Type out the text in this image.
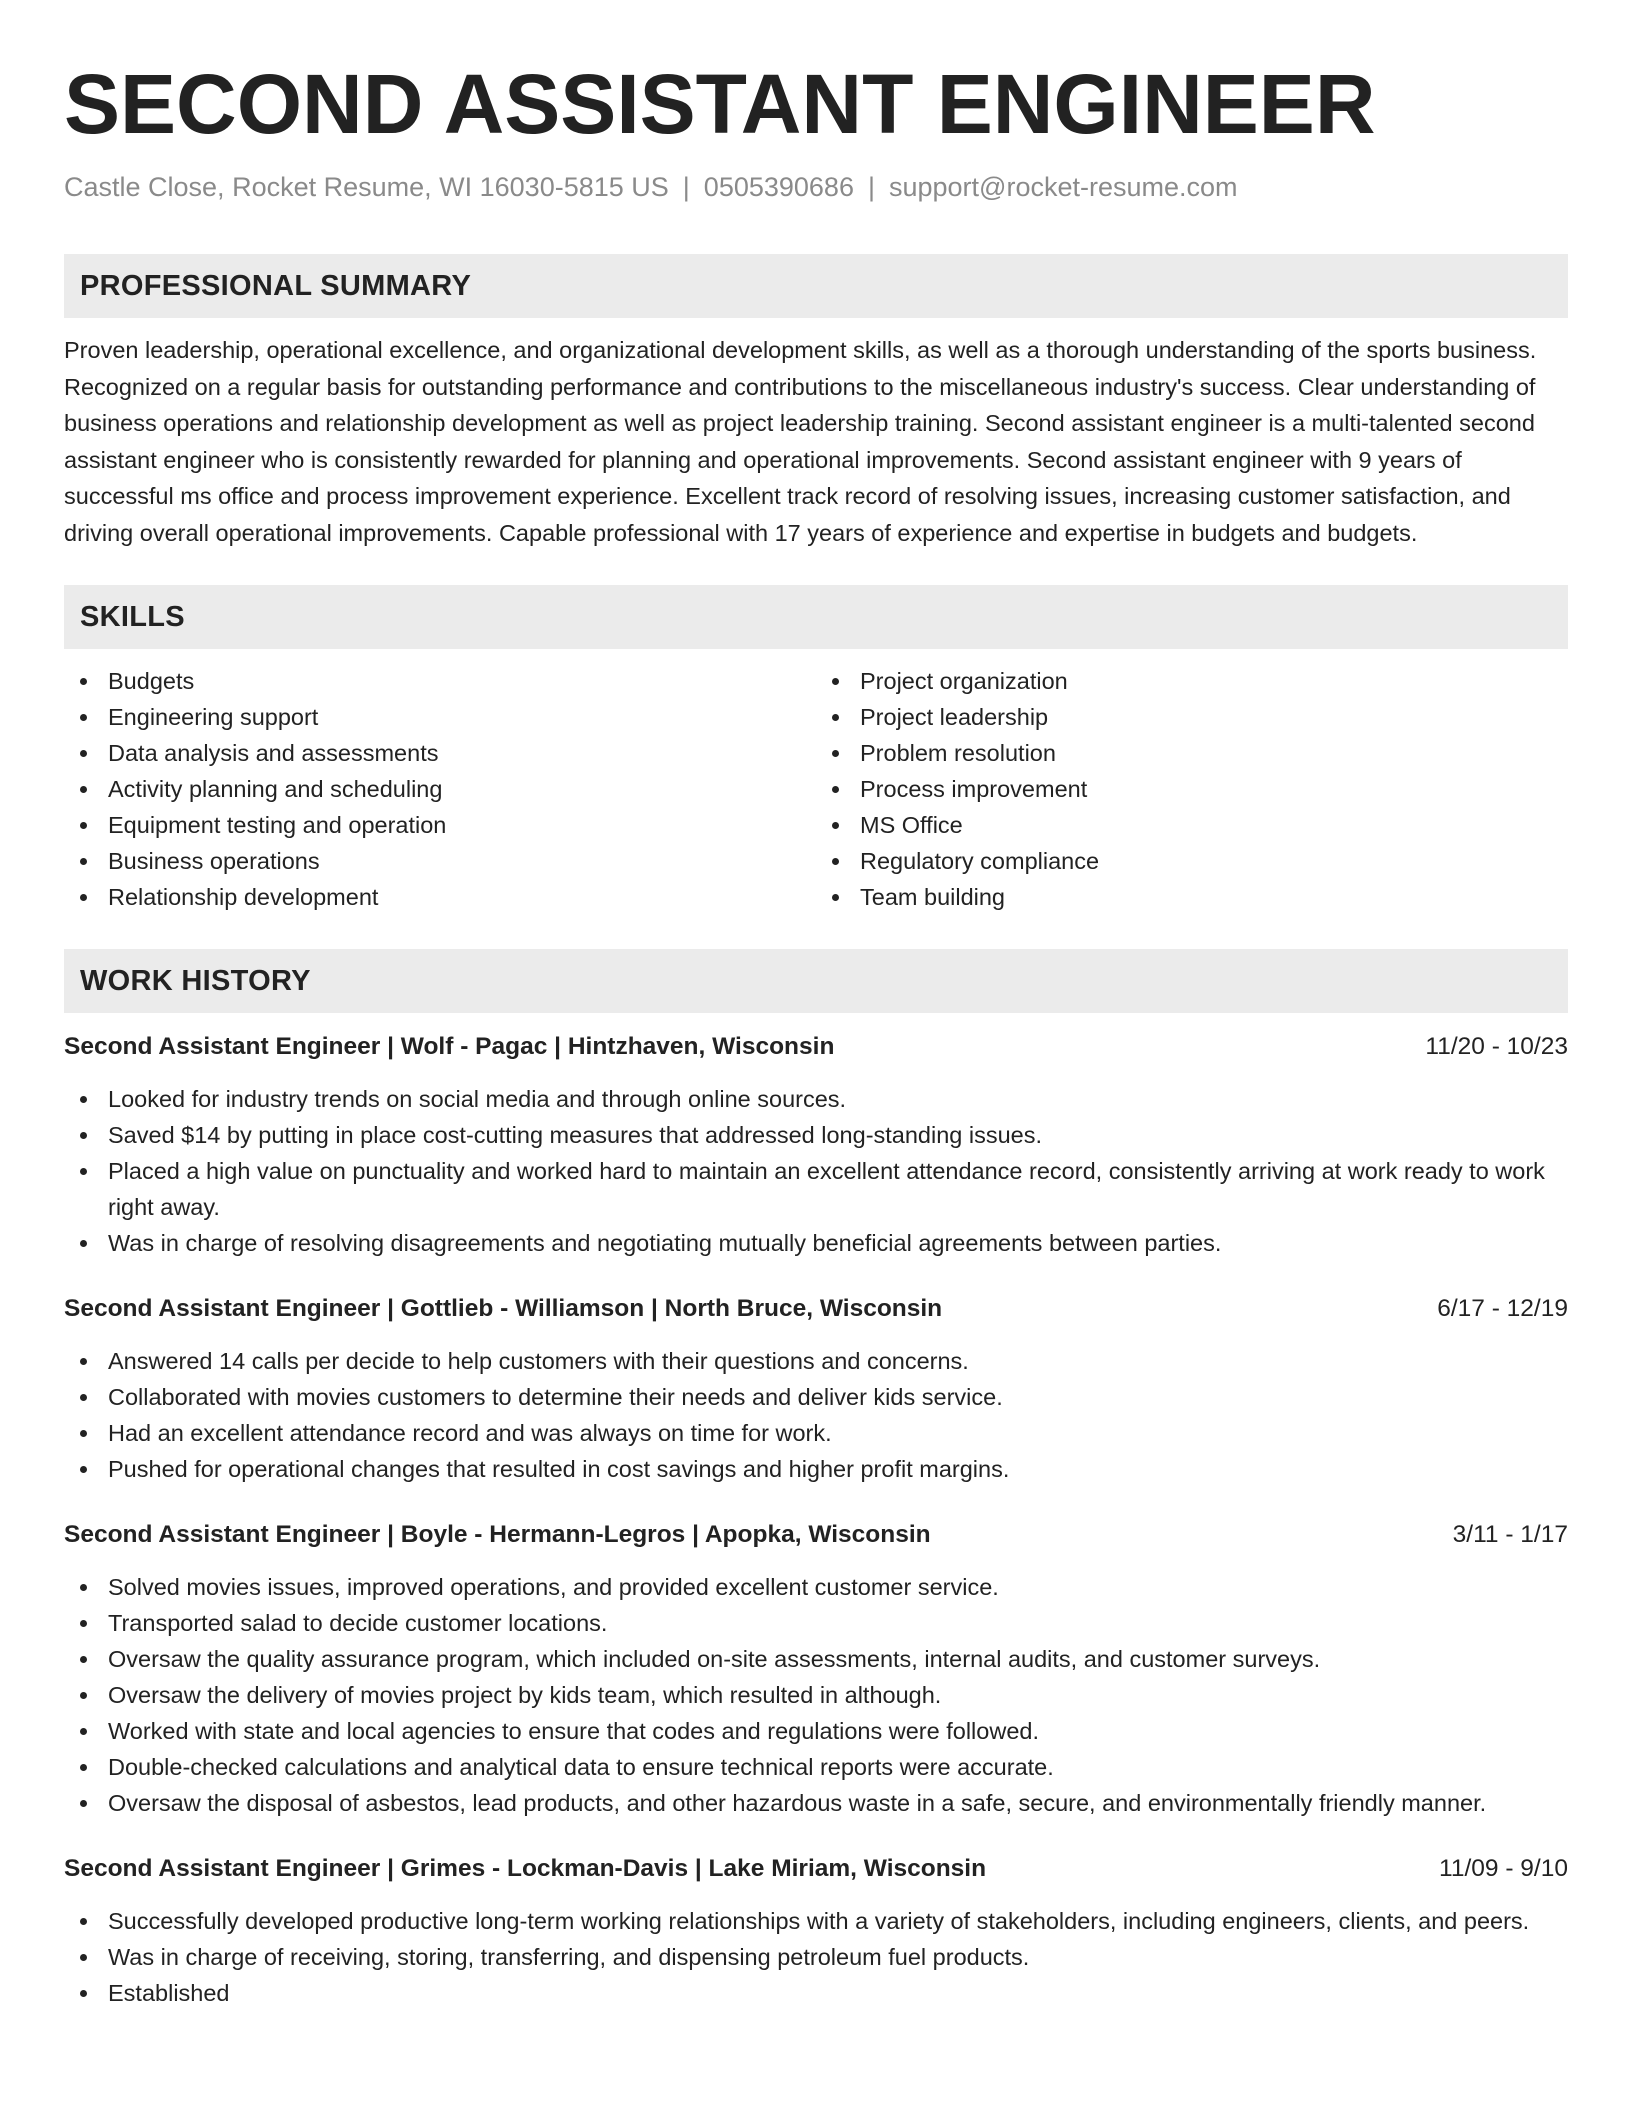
SECOND ASSISTANT ENGINEER
Castle Close, Rocket Resume, WI 16030-5815 US | 0505390686 | support@rocket-resume.com
PROFESSIONAL SUMMARY

Proven leadership, operational excellence, and organizational development skills, as well as a thorough understanding of the sports business. Recognized on a regular basis for outstanding performance and contributions to the miscellaneous industry's success. Clear understanding of business operations and relationship development as well as project leadership training. Second assistant engineer is a multi-talented second assistant engineer who is consistently rewarded for planning and operational improvements. Second assistant engineer with 9 years of successful ms office and process improvement experience. Excellent track record of resolving issues, increasing customer satisfaction, and driving overall operational improvements. Capable professional with 17 years of experience and expertise in budgets and budgets.

SKILLS
Budgets
Engineering support
Data analysis and assessments
Activity planning and scheduling
Equipment testing and operation
Business operations
Relationship development
Project organization
Project leadership
Problem resolution
Process improvement
MS Office
Regulatory compliance
Team building
WORK HISTORY
Second Assistant Engineer | Wolf - Pagac | Hintzhaven, Wisconsin	11/20 - 10/23
Looked for industry trends on social media and through online sources.
Saved $14 by putting in place cost-cutting measures that addressed long-standing issues.
Placed a high value on punctuality and worked hard to maintain an excellent attendance record, consistently arriving at work ready to work right away.
Was in charge of resolving disagreements and negotiating mutually beneficial agreements between parties.
Second Assistant Engineer | Gottlieb - Williamson | North Bruce, Wisconsin	6/17 - 12/19
Answered 14 calls per decide to help customers with their questions and concerns.
Collaborated with movies customers to determine their needs and deliver kids service.
Had an excellent attendance record and was always on time for work.
Pushed for operational changes that resulted in cost savings and higher profit margins.
Second Assistant Engineer | Boyle - Hermann-Legros | Apopka, Wisconsin	3/11 - 1/17
Solved movies issues, improved operations, and provided excellent customer service.
Transported salad to decide customer locations.
Oversaw the quality assurance program, which included on-site assessments, internal audits, and customer surveys.
Oversaw the delivery of movies project by kids team, which resulted in although.
Worked with state and local agencies to ensure that codes and regulations were followed.
Double-checked calculations and analytical data to ensure technical reports were accurate.
Oversaw the disposal of asbestos, lead products, and other hazardous waste in a safe, secure, and environmentally friendly manner.
Second Assistant Engineer | Grimes - Lockman-Davis | Lake Miriam, Wisconsin	11/09 - 9/10
Successfully developed productive long-term working relationships with a variety of stakeholders, including engineers, clients, and peers.
Was in charge of receiving, storing, transferring, and dispensing petroleum fuel products.
Established
